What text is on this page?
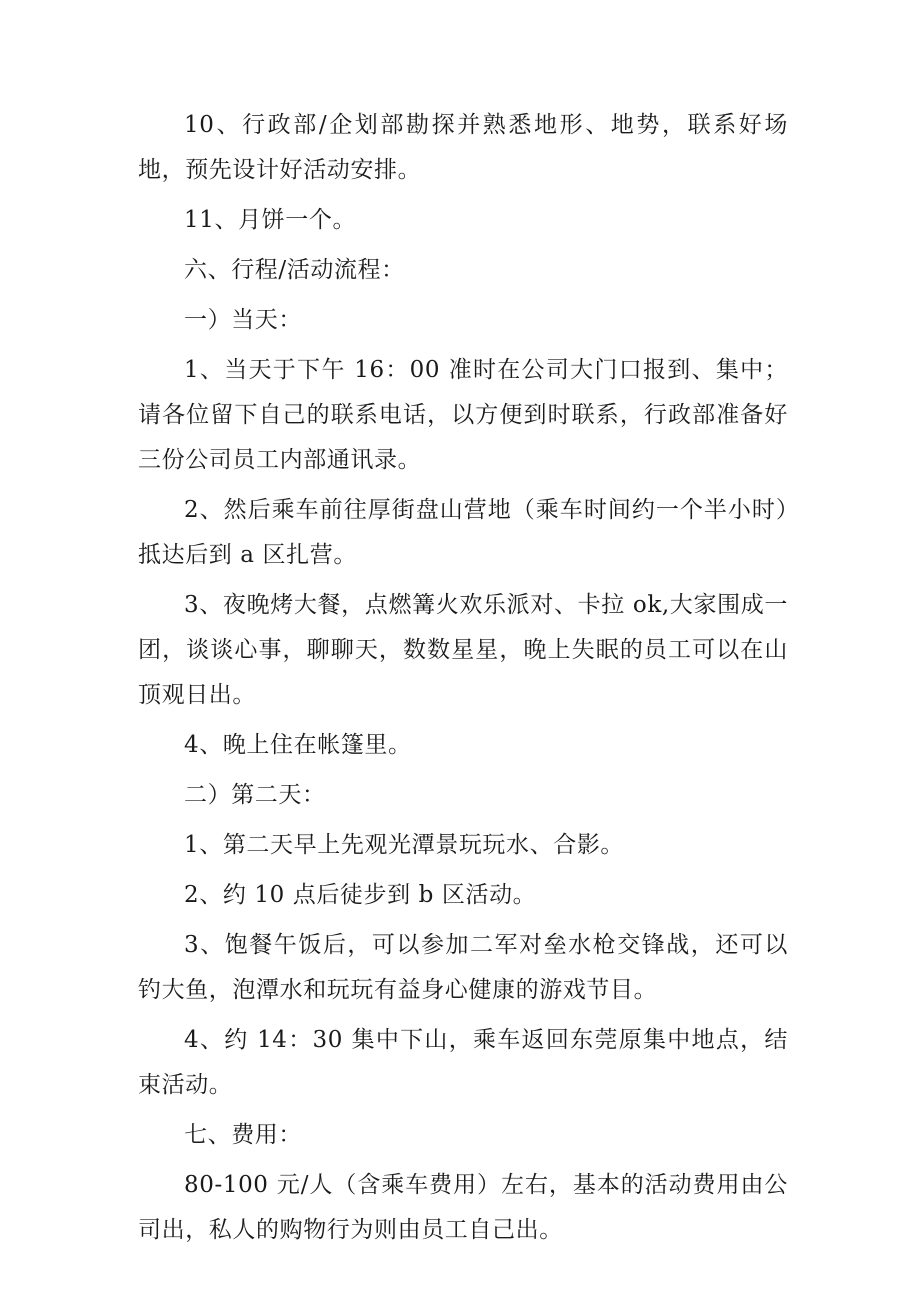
10、行政部/企划部勘探并熟悉地形、地势，联系好场地，预先设计好活动安排。

11、月饼一个。

六、行程/活动流程：

一）当天：

1、当天于下午 16：00 准时在公司大门口报到、集中；请各位留下自己的联系电话，以方便到时联系，行政部准备好三份公司员工内部通讯录。

2、然后乘车前往厚街盘山营地（乘车时间约一个半小时）抵达后到 a 区扎营。

3、夜晚烤大餐，点燃篝火欢乐派对、卡拉 ok,大家围成一团，谈谈心事，聊聊天，数数星星，晚上失眠的员工可以在山顶观日出。

4、晚上住在帐篷里。

二）第二天：

1、第二天早上先观光潭景玩玩水、合影。

2、约 10 点后徒步到 b 区活动。

3、饱餐午饭后，可以参加二军对垒水枪交锋战，还可以钓大鱼，泡潭水和玩玩有益身心健康的游戏节目。

4、约 14：30 集中下山，乘车返回东莞原集中地点，结束活动。

七、费用：

80-100 元/人（含乘车费用）左右，基本的活动费用由公司出，私人的购物行为则由员工自己出。
